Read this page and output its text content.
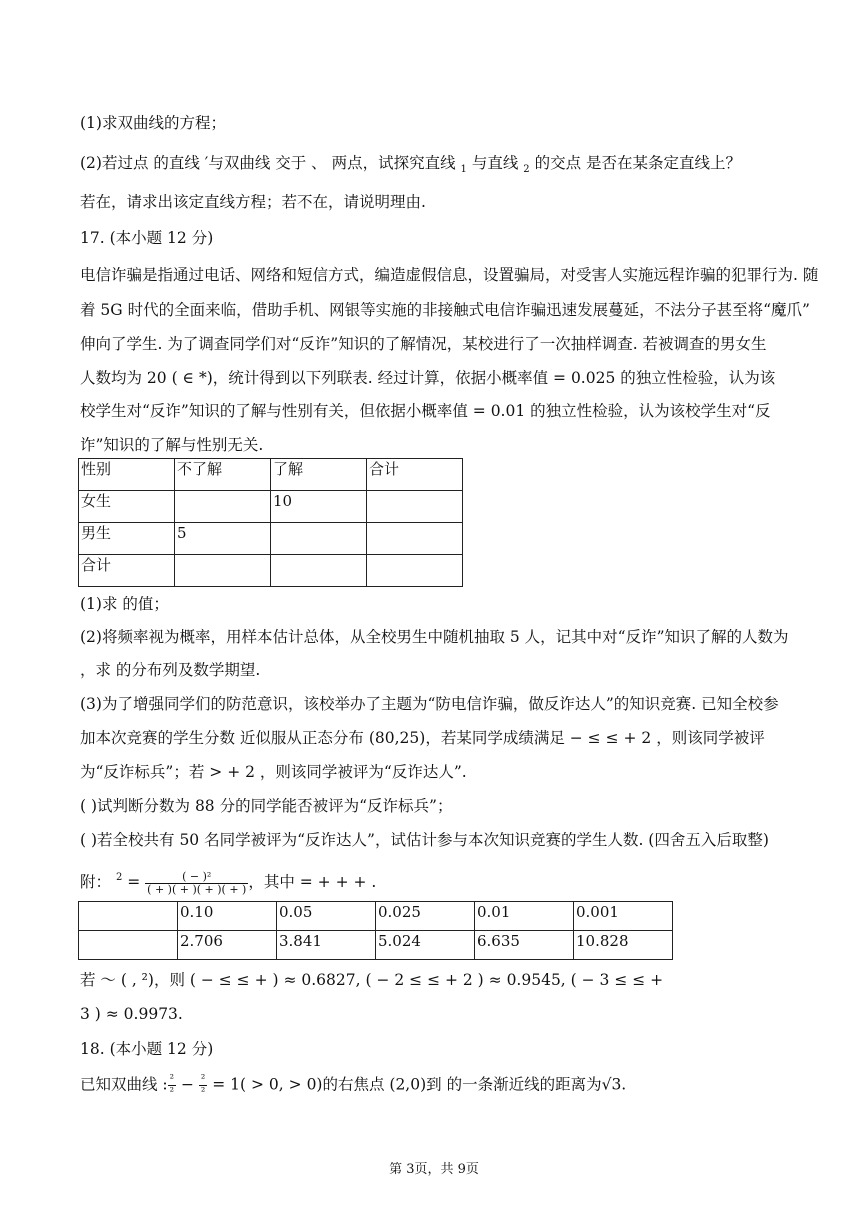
(1)求双曲线的方程；
(2)若过点 的直线 ′与双曲线 交于 、 两点，试探究直线 $_1$ 与直线 $_2$ 的交点 是否在某条定直线上？
若在，请求出该定直线方程；若不在，请说明理由.
17. (本小题 12 分)
电信诈骗是指通过电话、网络和短信方式，编造虚假信息，设置骗局，对受害人实施远程诈骗的犯罪行为. 随
着 5G 时代的全面来临，借助手机、网银等实施的非接触式电信诈骗迅速发展蔓延，不法分子甚至将“魔爪”
伸向了学生. 为了调查同学们对“反诈”知识的了解情况，某校进行了一次抽样调查. 若被调查的男女生
人数均为 20 ( ∈ *)，统计得到以下列联表. 经过计算，依据小概率值 = 0.025 的独立性检验，认为该
校学生对“反诈”知识的了解与性别有关，但依据小概率值 = 0.01 的独立性检验，认为该校学生对“反
诈”知识的了解与性别无关.
性别	不了解	了解	合计
女生		10	
男生	5		
合计			
(1)求 的值；
(2)将频率视为概率，用样本估计总体，从全校男生中随机抽取 5 人，记其中对“反诈”知识了解的人数为
，求 的分布列及数学期望.
(3)为了增强同学们的防范意识，该校举办了主题为“防电信诈骗，做反诈达人”的知识竞赛. 已知全校参
加本次竞赛的学生分数 近似服从正态分布 (80,25)，若某同学成绩满足 − ≤ ≤ + 2 ，则该同学被评
为“反诈标兵”；若 > + 2 ，则该同学被评为“反诈达人”.
( )试判断分数为 88 分的同学能否被评为“反诈标兵”；
( )若全校共有 50 名同学被评为“反诈达人”，试估计参与本次知识竞赛的学生人数. (四舍五入后取整)
附： $^2 = \frac{\text{( − )²}}{( + )( + )( + )( + )}$ ，其中 = + + + .
	0.10	0.05	0.025	0.01	0.001
	2.706	3.841	5.024	6.635	10.828
若 ～ ( , ²)，则 ( − ≤ ≤ + ) ≈ 0.6827, ( − 2 ≤ ≤ + 2 ) ≈ 0.9545, ( − 3 ≤ ≤ +
3 ) ≈ 0.9973.
18. (本小题 12 分)
已知双曲线 : $\frac{\text{²}}{\text{²}} - \frac{\text{²}}{\text{²}} = 1( > 0$, > 0)的右焦点 (2,0)到 的一条渐近线的距离为√3.
第 3页，共 9页
